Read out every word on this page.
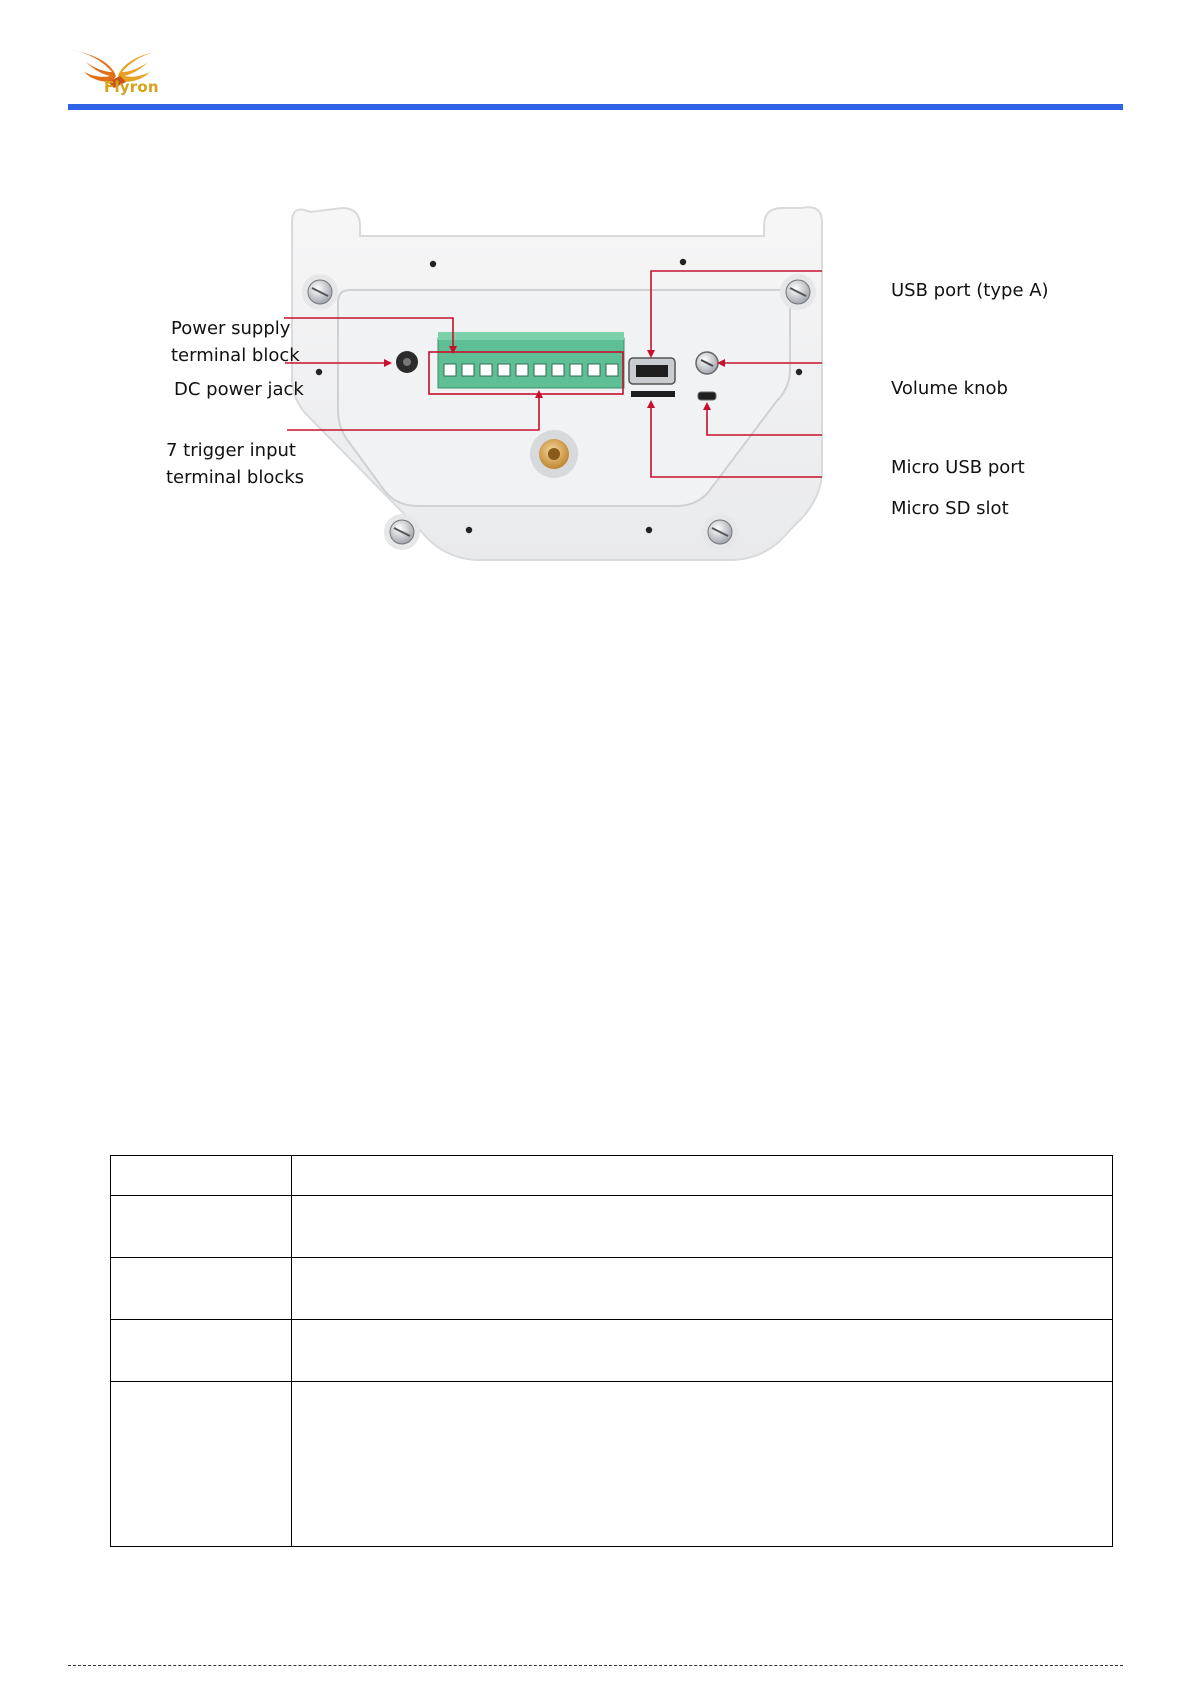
Flyron
Power supply
terminal block
DC power jack
7 trigger input
terminal blocks
USB port (type A)
Volume knob
Micro USB port
Micro SD slot
